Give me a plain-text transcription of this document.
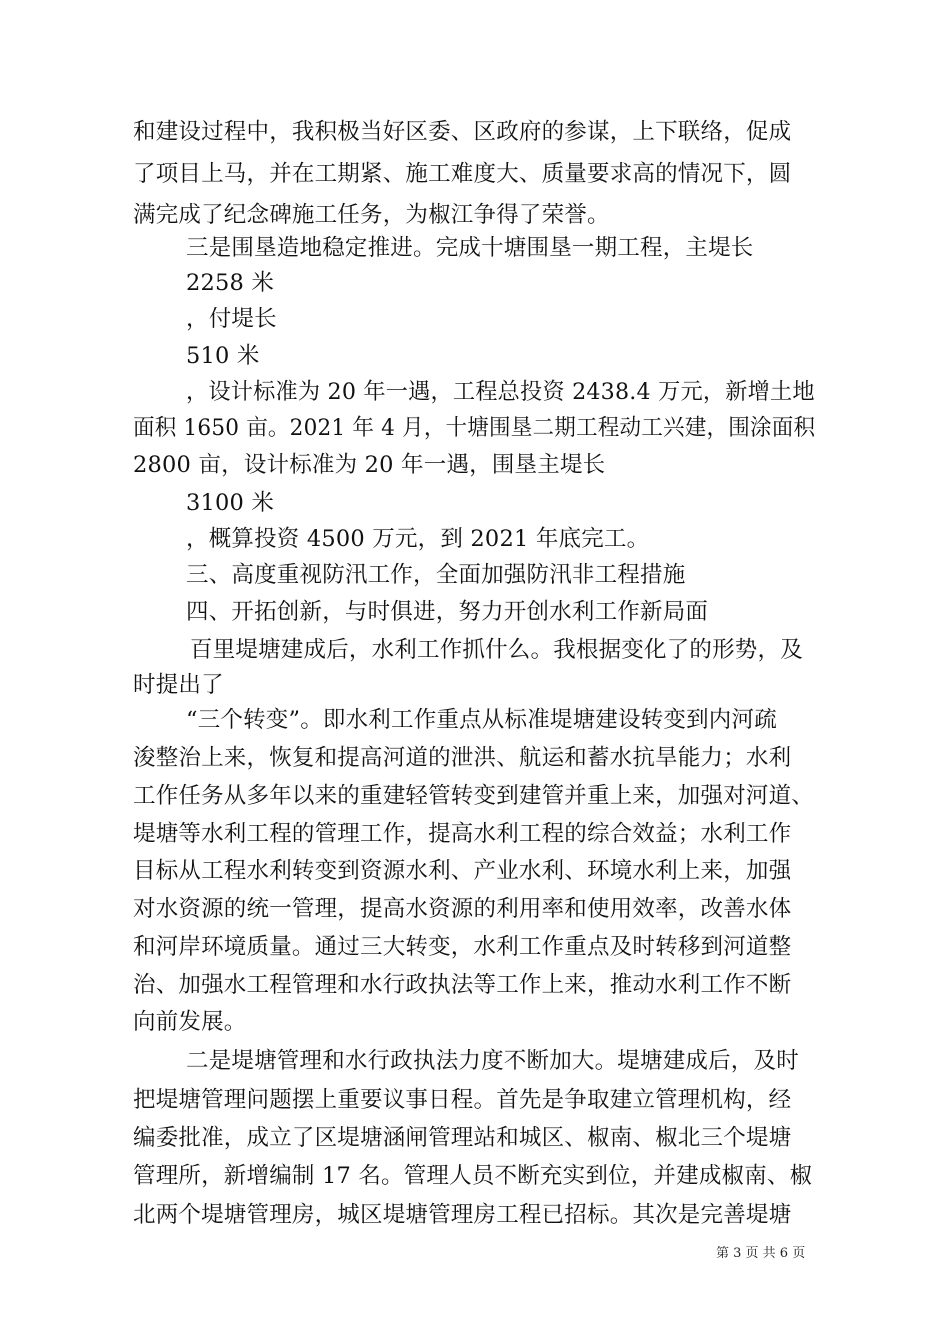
和建设过程中，我积极当好区委、区政府的参谋，上下联络，促成
了项目上马，并在工期紧、施工难度大、质量要求高的情况下，圆
满完成了纪念碑施工任务，为椒江争得了荣誉。
三是围垦造地稳定推进。完成十塘围垦一期工程，主堤长
2258 米
，付堤长
510 米
，设计标准为 20 年一遇，工程总投资 2438.4 万元，新增土地
面积 1650 亩。2021 年 4 月，十塘围垦二期工程动工兴建，围涂面积
2800 亩，设计标准为 20 年一遇，围垦主堤长
3100 米
，概算投资 4500 万元，到 2021 年底完工。
三、高度重视防汛工作，全面加强防汛非工程措施
四、开拓创新，与时俱进，努力开创水利工作新局面
百里堤塘建成后，水利工作抓什么。我根据变化了的形势，及
时提出了
“三个转变”。即水利工作重点从标准堤塘建设转变到内河疏
浚整治上来，恢复和提高河道的泄洪、航运和蓄水抗旱能力；水利
工作任务从多年以来的重建轻管转变到建管并重上来，加强对河道、
堤塘等水利工程的管理工作，提高水利工程的综合效益；水利工作
目标从工程水利转变到资源水利、产业水利、环境水利上来，加强
对水资源的统一管理，提高水资源的利用率和使用效率，改善水体
和河岸环境质量。通过三大转变，水利工作重点及时转移到河道整
治、加强水工程管理和水行政执法等工作上来，推动水利工作不断
向前发展。
二是堤塘管理和水行政执法力度不断加大。堤塘建成后，及时
把堤塘管理问题摆上重要议事日程。首先是争取建立管理机构，经
编委批准，成立了区堤塘涵闸管理站和城区、椒南、椒北三个堤塘
管理所，新增编制 17 名。管理人员不断充实到位，并建成椒南、椒
北两个堤塘管理房，城区堤塘管理房工程已招标。其次是完善堤塘
第 3 页 共 6 页
